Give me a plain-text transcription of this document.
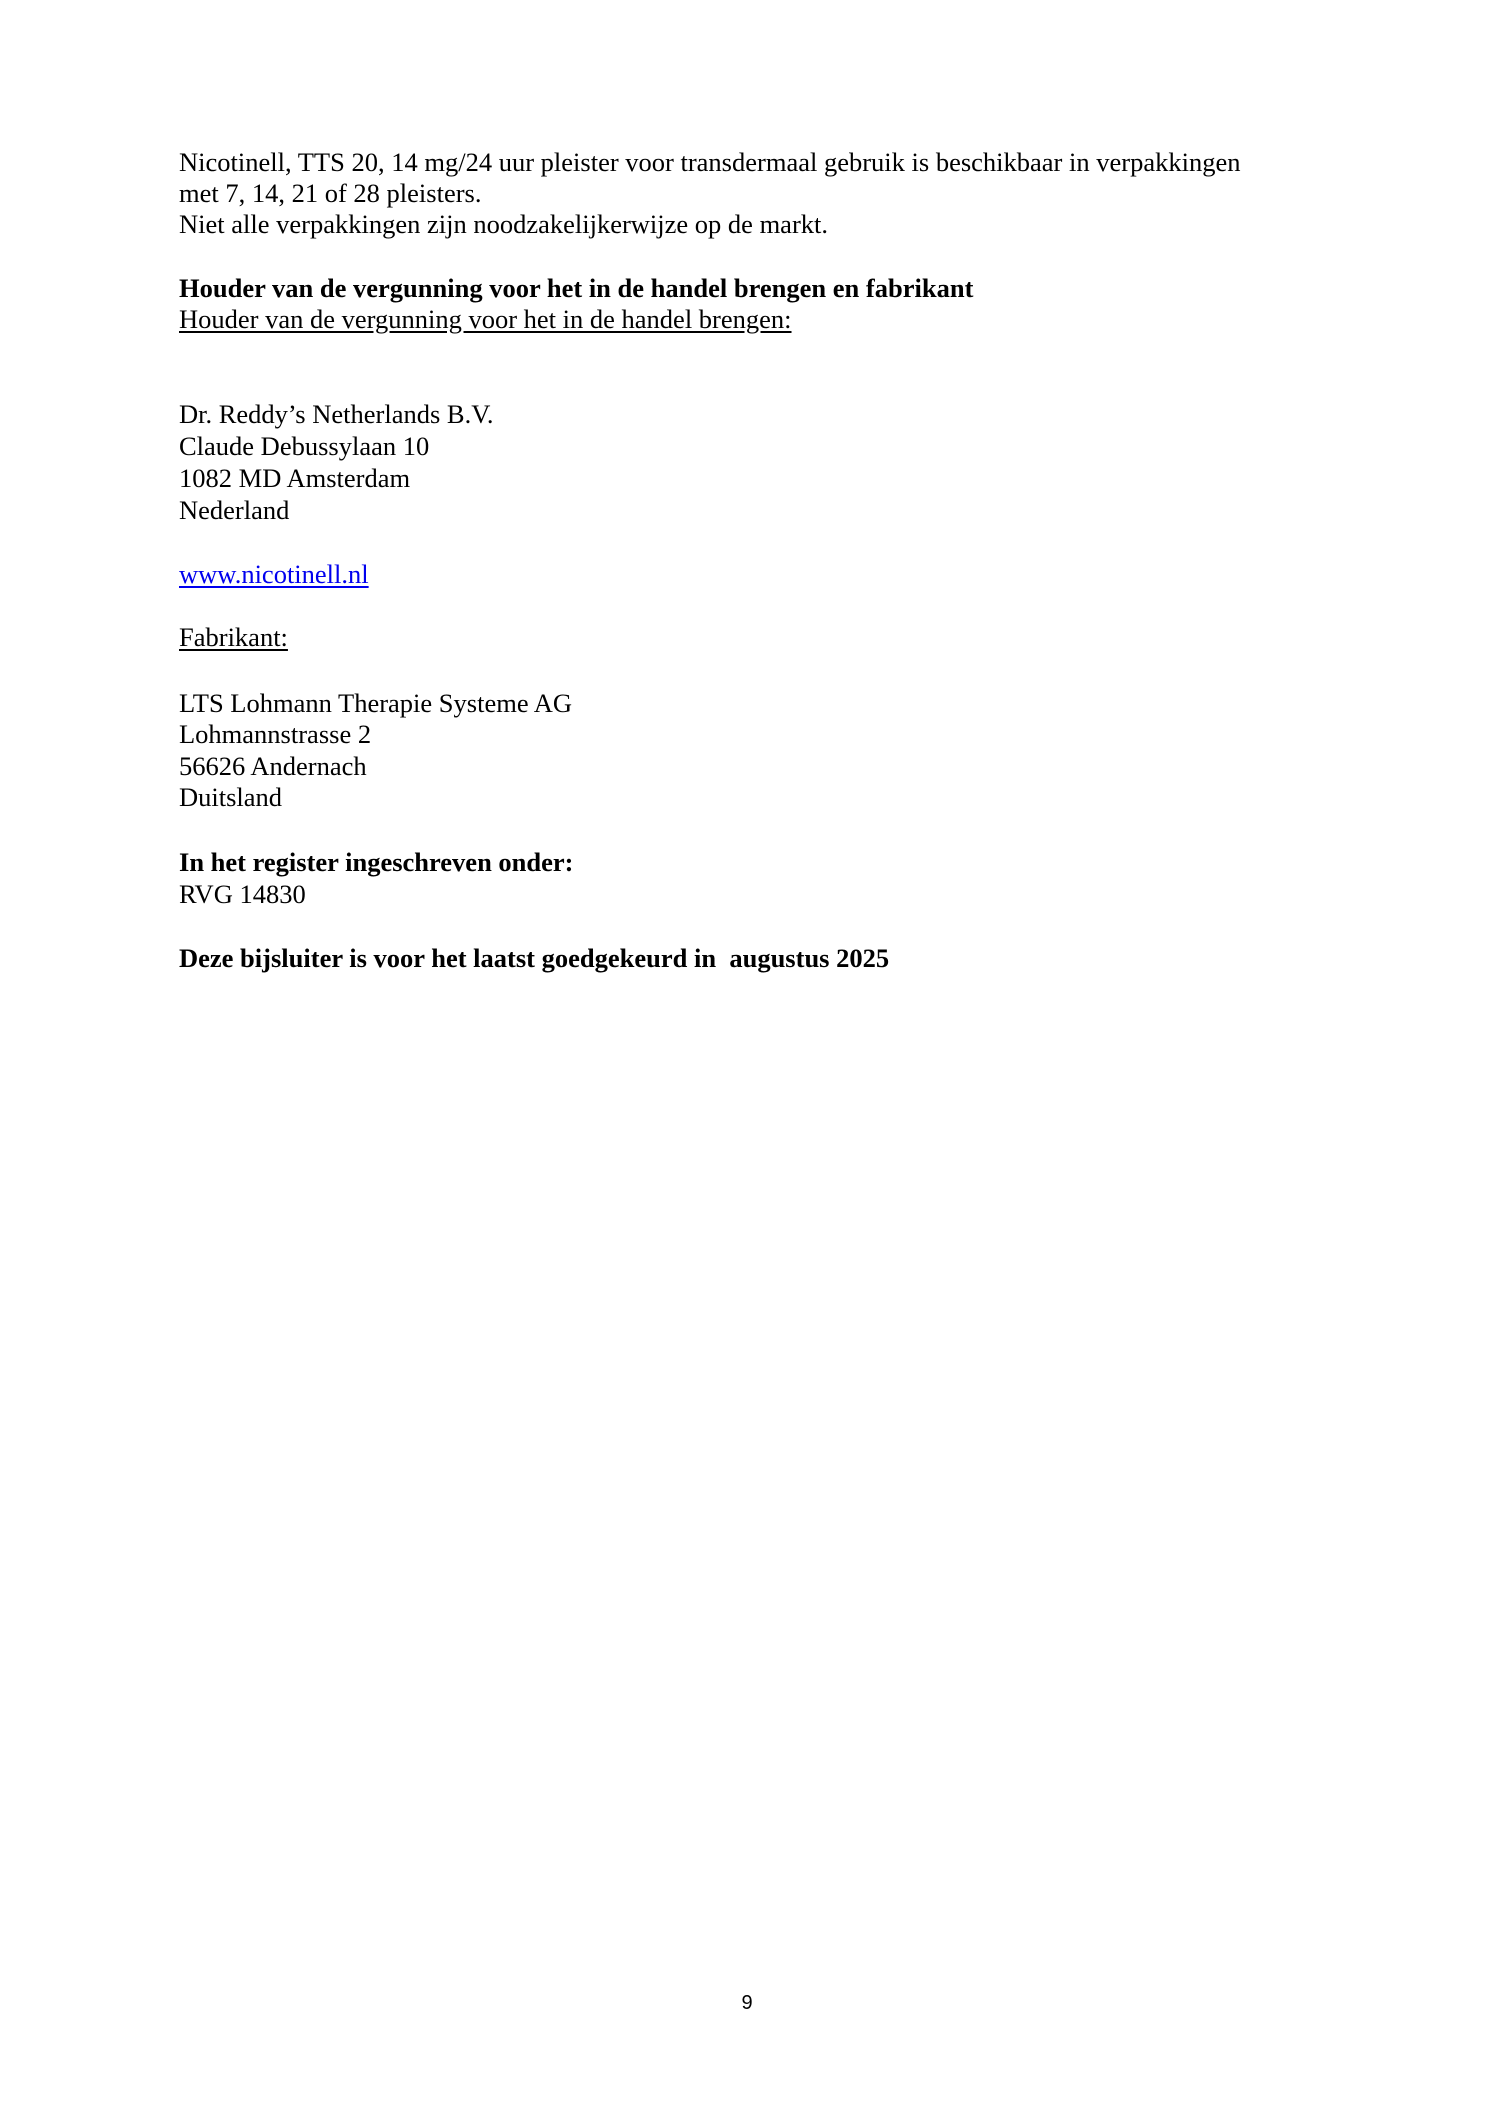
Nicotinell, TTS 20, 14 mg/24 uur pleister voor transdermaal gebruik is beschikbaar in verpakkingen
met 7, 14, 21 of 28 pleisters.
Niet alle verpakkingen zijn noodzakelijkerwijze op de markt.
Houder van de vergunning voor het in de handel brengen en fabrikant
Houder van de vergunning voor het in de handel brengen:
Dr. Reddy’s Netherlands B.V.
Claude Debussylaan 10
1082 MD Amsterdam
Nederland
www.nicotinell.nl
Fabrikant:
LTS Lohmann Therapie Systeme AG
Lohmannstrasse 2
56626 Andernach
Duitsland
In het register ingeschreven onder:
RVG 14830
Deze bijsluiter is voor het laatst goedgekeurd in  augustus 2025
9
